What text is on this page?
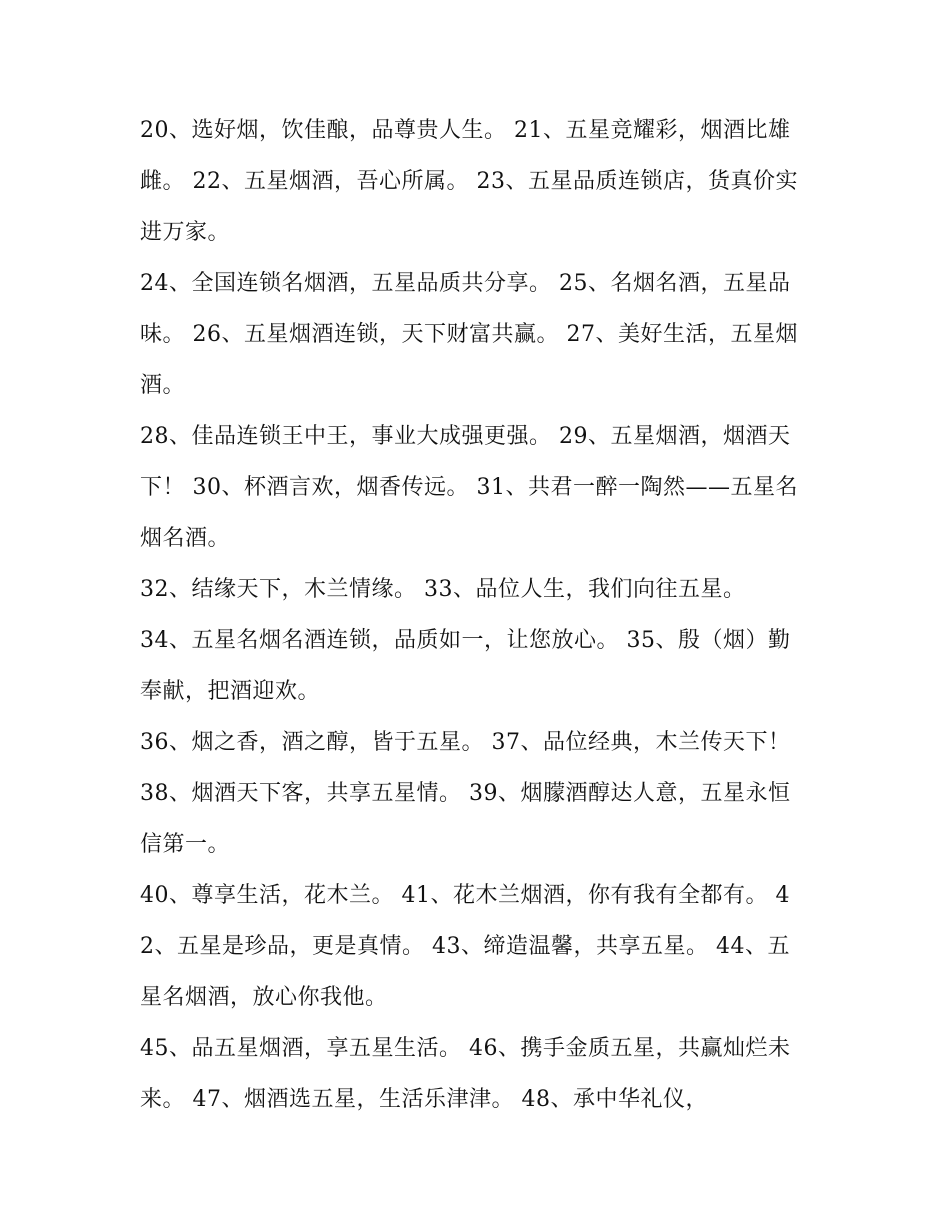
20、选好烟，饮佳酿，品尊贵人生。 21、五星竞耀彩，烟酒比雄雌。 22、五星烟酒，吾心所属。 23、五星品质连锁店，货真价实进万家。

24、全国连锁名烟酒，五星品质共分享。 25、名烟名酒，五星品味。 26、五星烟酒连锁，天下财富共赢。 27、美好生活，五星烟酒。

28、佳品连锁王中王，事业大成强更强。 29、五星烟酒，烟酒天下！ 30、杯酒言欢，烟香传远。 31、共君一醉一陶然——五星名烟名酒。

32、结缘天下，木兰情缘。 33、品位人生，我们向往五星。

34、五星名烟名酒连锁，品质如一，让您放心。 35、殷（烟）勤奉献，把酒迎欢。

36、烟之香，酒之醇，皆于五星。 37、品位经典，木兰传天下！ 38、烟酒天下客，共享五星情。 39、烟朦酒醇达人意，五星永恒信第一。

40、尊享生活，花木兰。 41、花木兰烟酒，你有我有全都有。 42、五星是珍品，更是真情。 43、缔造温馨，共享五星。 44、五星名烟酒，放心你我他。

45、品五星烟酒，享五星生活。 46、携手金质五星，共赢灿烂未来。 47、烟酒选五星，生活乐津津。 48、承中华礼仪，
